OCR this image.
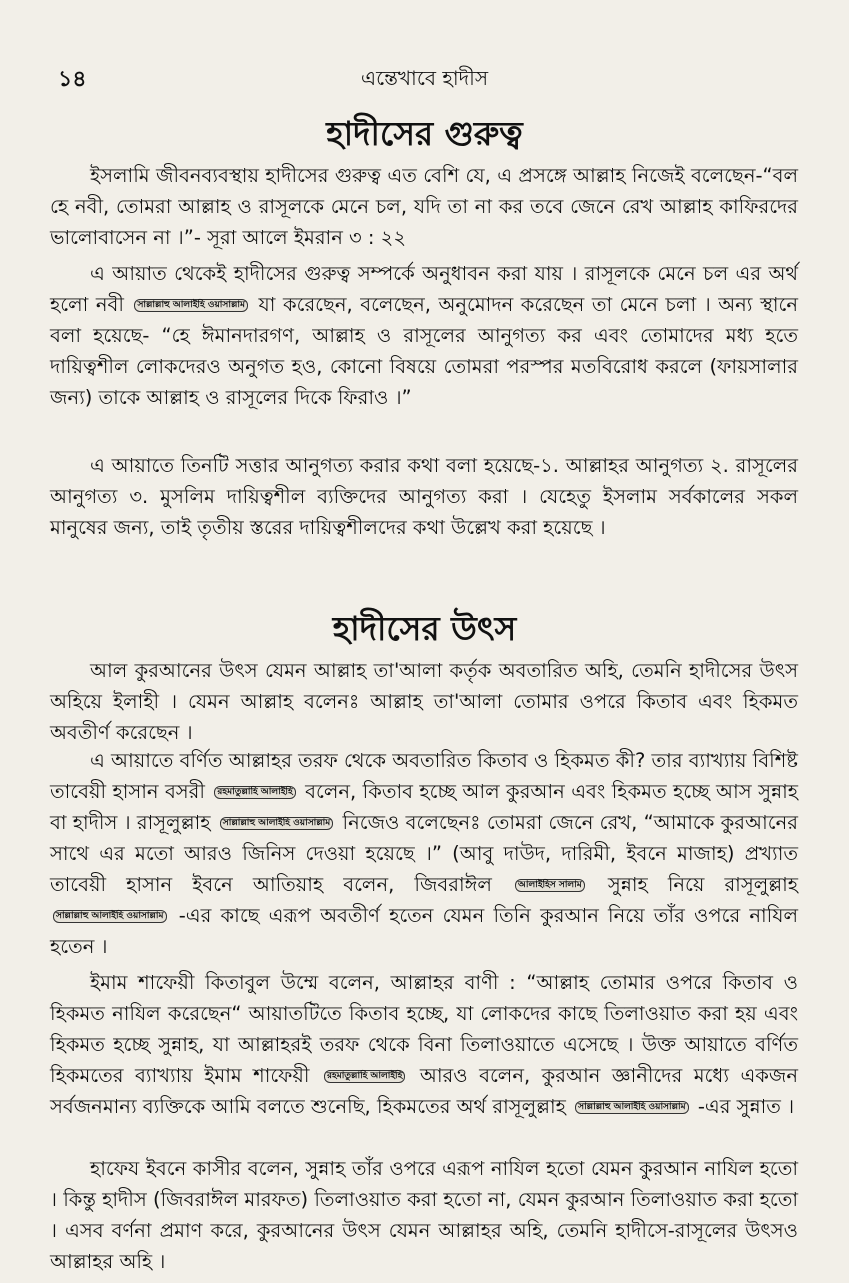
১৪	এন্তেখাবে হাদীস
হাদীসের গুরুত্ব

ইসলামি জীবনব্যবস্থায় হাদীসের গুরুত্ব এত বেশি যে, এ প্রসঙ্গে আল্লাহ নিজেই বলেছেন-“বল হে নবী, তোমরা আল্লাহ ও রাসূলকে মেনে চল, যদি তা না কর তবে জেনে রেখ আল্লাহ কাফিরদের ভালোবাসেন না ।”- সূরা আলে ইমরান ৩ : ২২

এ আয়াত থেকেই হাদীসের গুরুত্ব সম্পর্কে অনুধাবন করা যায় । রাসূলকে মেনে চল এর অর্থ হলো নবী সাল্লাল্লাহু আলাইহি ওয়াসাল্লাম যা করেছেন, বলেছেন, অনুমোদন করেছেন তা মেনে চলা । অন্য স্থানে বলা হয়েছে- “হে ঈমানদারগণ, আল্লাহ ও রাসূলের আনুগত্য কর এবং তোমাদের মধ্য হতে দায়িত্বশীল লোকদেরও অনুগত হও, কোনো বিষয়ে তোমরা পরস্পর মতবিরোধ করলে (ফায়সালার জন্য) তাকে আল্লাহ ও রাসূলের দিকে ফিরাও ।”

এ আয়াতে তিনটি সত্তার আনুগত্য করার কথা বলা হয়েছে-১. আল্লাহর আনুগত্য ২. রাসূলের আনুগত্য ৩. মুসলিম দায়িত্বশীল ব্যক্তিদের আনুগত্য করা । যেহেতু ইসলাম সর্বকালের সকল মানুষের জন্য, তাই তৃতীয় স্তরের দায়িত্বশীলদের কথা উল্লেখ করা হয়েছে ।

হাদীসের উৎস

আল কুরআনের উৎস যেমন আল্লাহ তা'আলা কর্তৃক অবতারিত অহি, তেমনি হাদীসের উৎস অহিয়ে ইলাহী । যেমন আল্লাহ বলেনঃ আল্লাহ তা'আলা তোমার ওপরে কিতাব এবং হিকমত অবতীর্ণ করেছেন ।

এ আয়াতে বর্ণিত আল্লাহর তরফ থেকে অবতারিত কিতাব ও হিকমত কী? তার ব্যাখ্যায় বিশিষ্ট তাবেয়ী হাসান বসরী রহমাতুল্লাহি আলাইহি বলেন, কিতাব হচ্ছে আল কুরআন এবং হিকমত হচ্ছে আস সুন্নাহ বা হাদীস । রাসূলুল্লাহ সাল্লাল্লাহু আলাইহি ওয়াসাল্লাম নিজেও বলেছেনঃ তোমরা জেনে রেখ, “আমাকে কুরআনের সাথে এর মতো আরও জিনিস দেওয়া হয়েছে ।” (আবু দাউদ, দারিমী, ইবনে মাজাহ) প্রখ্যাত তাবেয়ী হাসান ইবনে আতিয়াহ বলেন, জিবরাঈল	আলাইহিস সালাম সুন্নাহ নিয়ে রাসূলুল্লাহ সাল্লাল্লাহু আলাইহি ওয়াসাল্লাম -এর কাছে এরূপ অবতীর্ণ হতেন যেমন তিনি কুরআন নিয়ে তাঁর ওপরে নাযিল হতেন ।

ইমাম শাফেয়ী কিতাবুল উম্মে বলেন, আল্লাহর বাণী : “আল্লাহ তোমার ওপরে কিতাব ও হিকমত নাযিল করেছেন“ আয়াতটিতে কিতাব হচ্ছে, যা লোকদের কাছে তিলাওয়াত করা হয় এবং হিকমত হচ্ছে সুন্নাহ, যা আল্লাহরই তরফ থেকে বিনা তিলাওয়াতে এসেছে । উক্ত আয়াতে বর্ণিত হিকমতের ব্যাখ্যায় ইমাম শাফেয়ী রহমাতুল্লাহি আলাইহি আরও বলেন, কুরআন জ্ঞানীদের মধ্যে একজন সর্বজনমান্য ব্যক্তিকে আমি বলতে শুনেছি, হিকমতের অর্থ রাসূলুল্লাহ সাল্লাল্লাহু আলাইহি ওয়াসাল্লাম -এর সুন্নাত ।

হাফেয ইবনে কাসীর বলেন, সুন্নাহ তাঁর ওপরে এরূপ নাযিল হতো যেমন কুরআন নাযিল হতো । কিন্তু হাদীস (জিবরাঈল মারফত) তিলাওয়াত করা হতো না, যেমন কুরআন তিলাওয়াত করা হতো । এসব বর্ণনা প্রমাণ করে, কুরআনের উৎস যেমন আল্লাহর অহি, তেমনি হাদীসে-রাসূলের উৎসও আল্লাহর অহি ।
